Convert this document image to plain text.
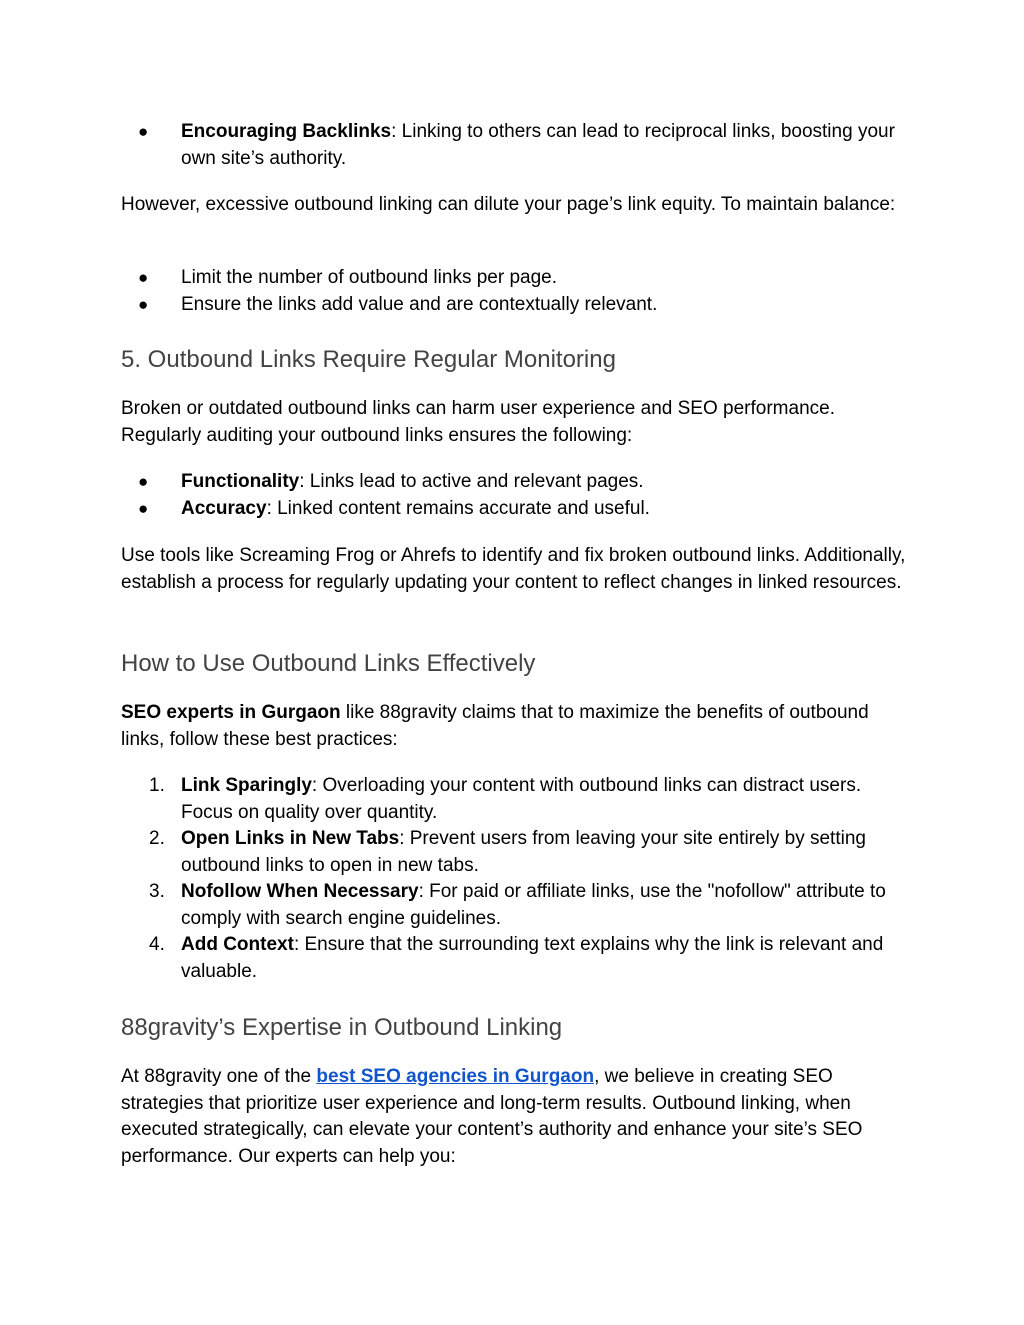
● Encouraging Backlinks: Linking to others can lead to reciprocal links, boosting your own site’s authority.

However, excessive outbound linking can dilute your page’s link equity. To maintain balance:

● Limit the number of outbound links per page.
● Ensure the links add value and are contextually relevant.
5. Outbound Links Require Regular Monitoring

Broken or outdated outbound links can harm user experience and SEO performance. Regularly auditing your outbound links ensures the following:

● Functionality: Links lead to active and relevant pages.
● Accuracy: Linked content remains accurate and useful.

Use tools like Screaming Frog or Ahrefs to identify and fix broken outbound links. Additionally, establish a process for regularly updating your content to reflect changes in linked resources.

How to Use Outbound Links Effectively

SEO experts in Gurgaon like 88gravity claims that to maximize the benefits of outbound links, follow these best practices:

1. Link Sparingly: Overloading your content with outbound links can distract users. Focus on quality over quantity.
2. Open Links in New Tabs: Prevent users from leaving your site entirely by setting outbound links to open in new tabs.
3. Nofollow When Necessary: For paid or affiliate links, use the "nofollow" attribute to comply with search engine guidelines.
4. Add Context: Ensure that the surrounding text explains why the link is relevant and valuable.
88gravity’s Expertise in Outbound Linking

At 88gravity one of the best SEO agencies in Gurgaon, we believe in creating SEO strategies that prioritize user experience and long-term results. Outbound linking, when executed strategically, can elevate your content’s authority and enhance your site’s SEO performance. Our experts can help you:
